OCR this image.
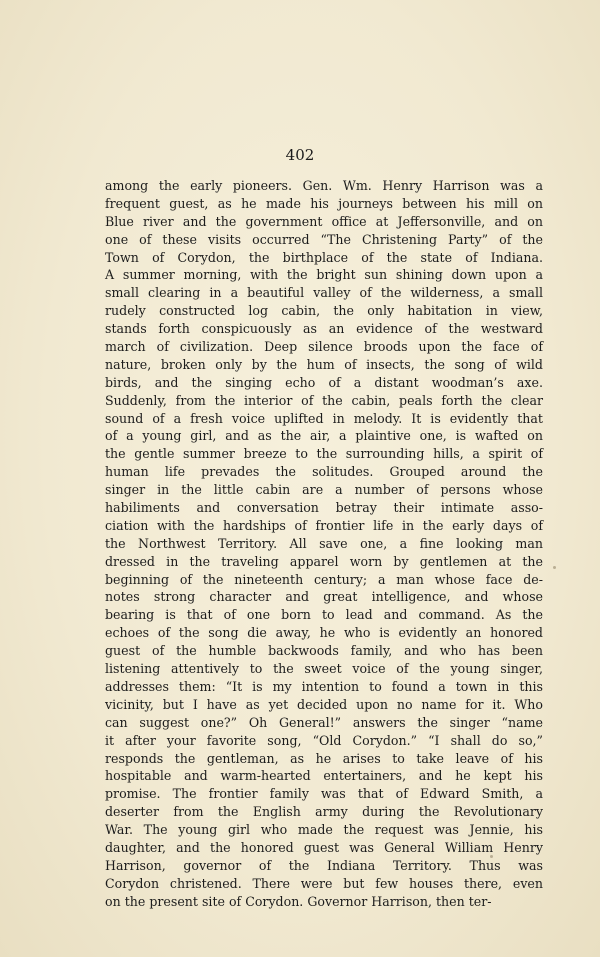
402
among the early pioneers. Gen. Wm. Henry Harrison was a
frequent guest, as he made his journeys between his mill on
Blue river and the government office at Jeffersonville, and on
one of these visits occurred “The Christening Party” of the
Town of Corydon, the birthplace of the state of Indiana.
A summer morning, with the bright sun shining down upon a
small clearing in a beautiful valley of the wilderness, a small
rudely constructed log cabin, the only habitation in view,
stands forth conspicuously as an evidence of the westward
march of civilization. Deep silence broods upon the face of
nature, broken only by the hum of insects, the song of wild
birds, and the singing echo of a distant woodman’s axe.
Suddenly, from the interior of the cabin, peals forth the clear
sound of a fresh voice uplifted in melody. It is evidently that
of a young girl, and as the air, a plaintive one, is wafted on
the gentle summer breeze to the surrounding hills, a spirit of
human life prevades the solitudes. Grouped around the
singer in the little cabin are a number of persons whose
habiliments and conversation betray their intimate asso-
ciation with the hardships of frontier life in the early days of
the Northwest Territory. All save one, a fine looking man
dressed in the traveling apparel worn by gentlemen at the
beginning of the nineteenth century; a man whose face de-
notes strong character and great intelligence, and whose
bearing is that of one born to lead and command. As the
echoes of the song die away, he who is evidently an honored
guest of the humble backwoods family, and who has been
listening attentively to the sweet voice of the young singer,
addresses them: “It is my intention to found a town in this
vicinity, but I have as yet decided upon no name for it. Who
can suggest one?” Oh General!” answers the singer “name
it after your favorite song, “Old Corydon.” “I shall do so,”
responds the gentleman, as he arises to take leave of his
hospitable and warm-hearted entertainers, and he kept his
promise. The frontier family was that of Edward Smith, a
deserter from the English army during the Revolutionary
War. The young girl who made the request was Jennie, his
daughter, and the honored guest was General William Henry
Harrison, governor of the Indiana Territory. Thus was
Corydon christened. There were but few houses there, even
on the present site of Corydon. Governor Harrison, then ter-
